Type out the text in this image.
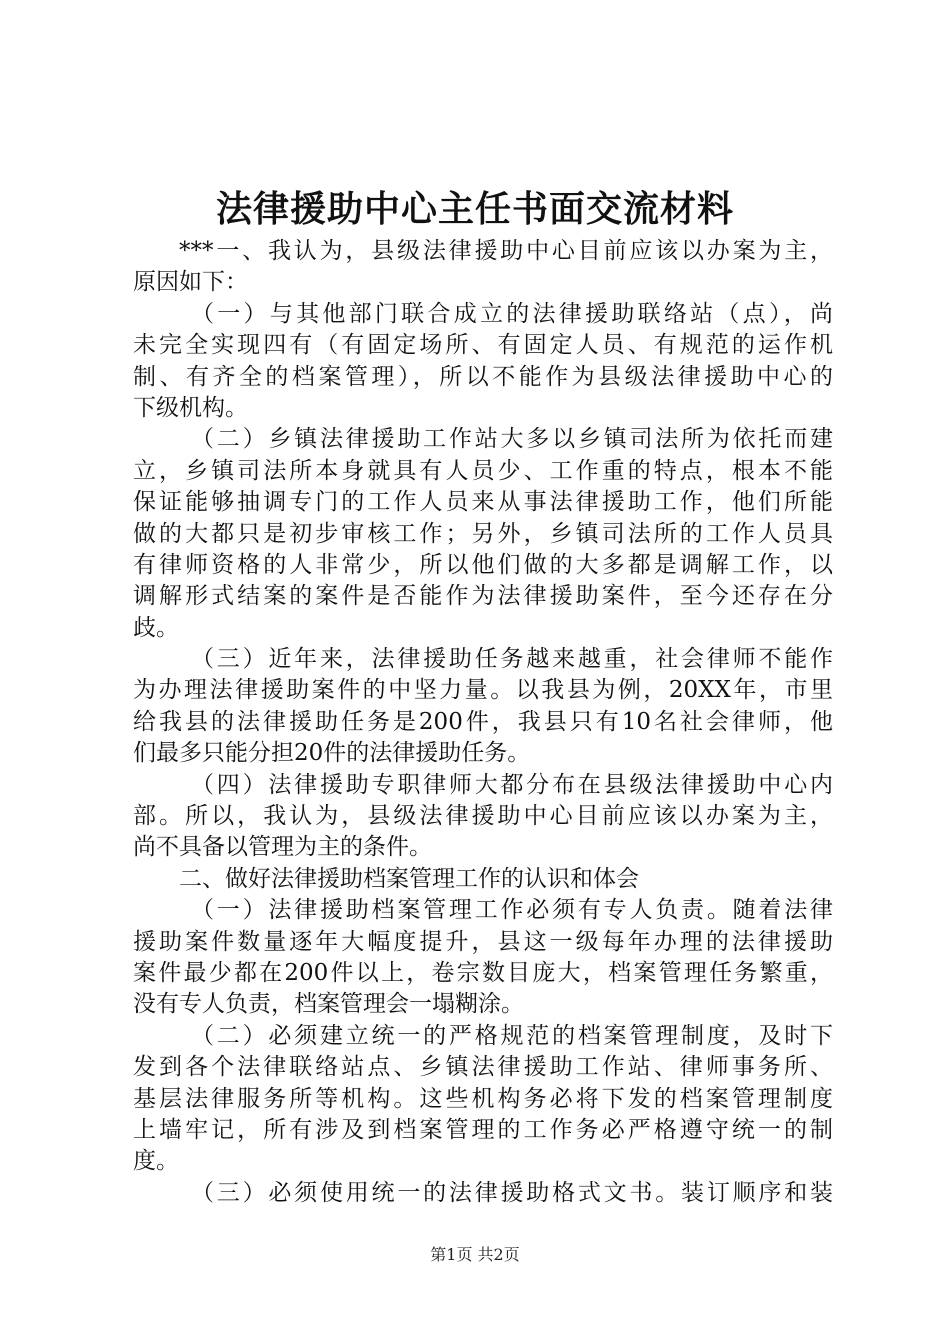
法律援助中心主任书面交流材料
***一、我认为，县级法律援助中心目前应该以办案为主，
原因如下：
（一）与其他部门联合成立的法律援助联络站（点），尚
未完全实现四有（有固定场所、有固定人员、有规范的运作机
制、有齐全的档案管理），所以不能作为县级法律援助中心的
下级机构。
（二）乡镇法律援助工作站大多以乡镇司法所为依托而建
立，乡镇司法所本身就具有人员少、工作重的特点，根本不能
保证能够抽调专门的工作人员来从事法律援助工作，他们所能
做的大都只是初步审核工作；另外，乡镇司法所的工作人员具
有律师资格的人非常少，所以他们做的大多都是调解工作，以
调解形式结案的案件是否能作为法律援助案件，至今还存在分
歧。
（三）近年来，法律援助任务越来越重，社会律师不能作
为办理法律援助案件的中坚力量。以我县为例，20XX年，市里
给我县的法律援助任务是200件，我县只有10名社会律师，他
们最多只能分担20件的法律援助任务。
（四）法律援助专职律师大都分布在县级法律援助中心内
部。所以，我认为，县级法律援助中心目前应该以办案为主，
尚不具备以管理为主的条件。
二、做好法律援助档案管理工作的认识和体会
（一）法律援助档案管理工作必须有专人负责。随着法律
援助案件数量逐年大幅度提升，县这一级每年办理的法律援助
案件最少都在200件以上，卷宗数目庞大，档案管理任务繁重，
没有专人负责，档案管理会一塌糊涂。
（二）必须建立统一的严格规范的档案管理制度，及时下
发到各个法律联络站点、乡镇法律援助工作站、律师事务所、
基层法律服务所等机构。这些机构务必将下发的档案管理制度
上墙牢记，所有涉及到档案管理的工作务必严格遵守统一的制
度。
（三）必须使用统一的法律援助格式文书。装订顺序和装
第1页 共2页
